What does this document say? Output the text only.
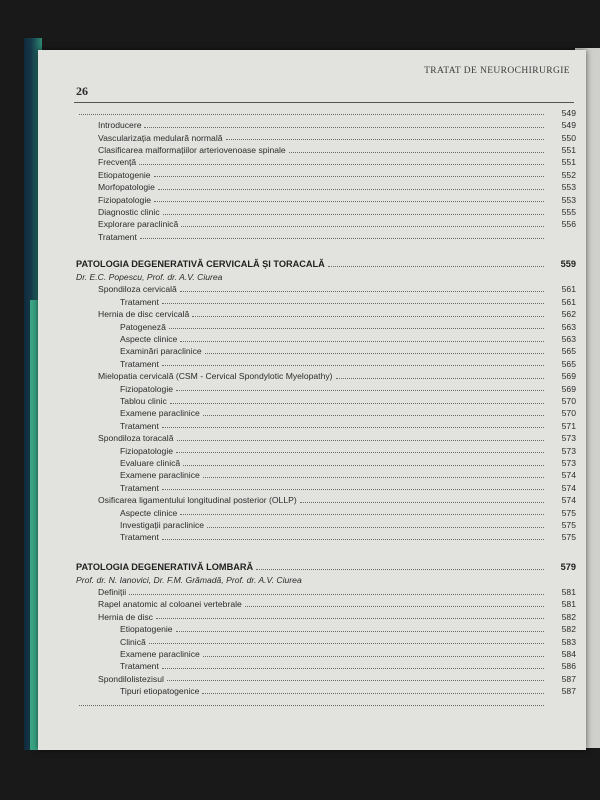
TRATAT DE NEUROCHIRURGIE
26
549
Introducere	549
Vascularizația medulară normală	550
Clasificarea malformațiilor arteriovenoase spinale	551
Frecvență	551
Etiopatogenie	552
Morfopatologie	553
Fiziopatologie	553
Diagnostic clinic	555
Explorare paraclinică	556
Tratament
PATOLOGIA DEGENERATIVĂ CERVICALĂ ȘI TORACALĂ	559
Dr. E.C. Popescu, Prof. dr. A.V. Ciurea
Spondiloza cervicală	561
Tratament	561
Hernia de disc cervicală	562
Patogeneză	563
Aspecte clinice	563
Examinări paraclinice	565
Tratament	565
Mielopatia cervicală (CSM - Cervical Spondylotic Myelopathy)	569
Fiziopatologie	569
Tablou clinic	570
Examene paraclinice	570
Tratament	571
Spondiloza toracală	573
Fiziopatologie	573
Evaluare clinică	573
Examene paraclinice	574
Tratament	574
Osificarea ligamentului longitudinal posterior (OLLP)	574
Aspecte clinice	575
Investigații paraclinice	575
Tratament	575
PATOLOGIA DEGENERATIVĂ LOMBARĂ	579
Prof. dr. N. Ianovici, Dr. F.M. Grămadă, Prof. dr. A.V. Ciurea
Definiții	581
Rapel anatomic al coloanei vertebrale	581
Hernia de disc	582
Etiopatogenie	582
Clinică	583
Examene paraclinice	584
Tratament	586
Spondilolistezisul	587
Tipuri etiopatogenice	587
